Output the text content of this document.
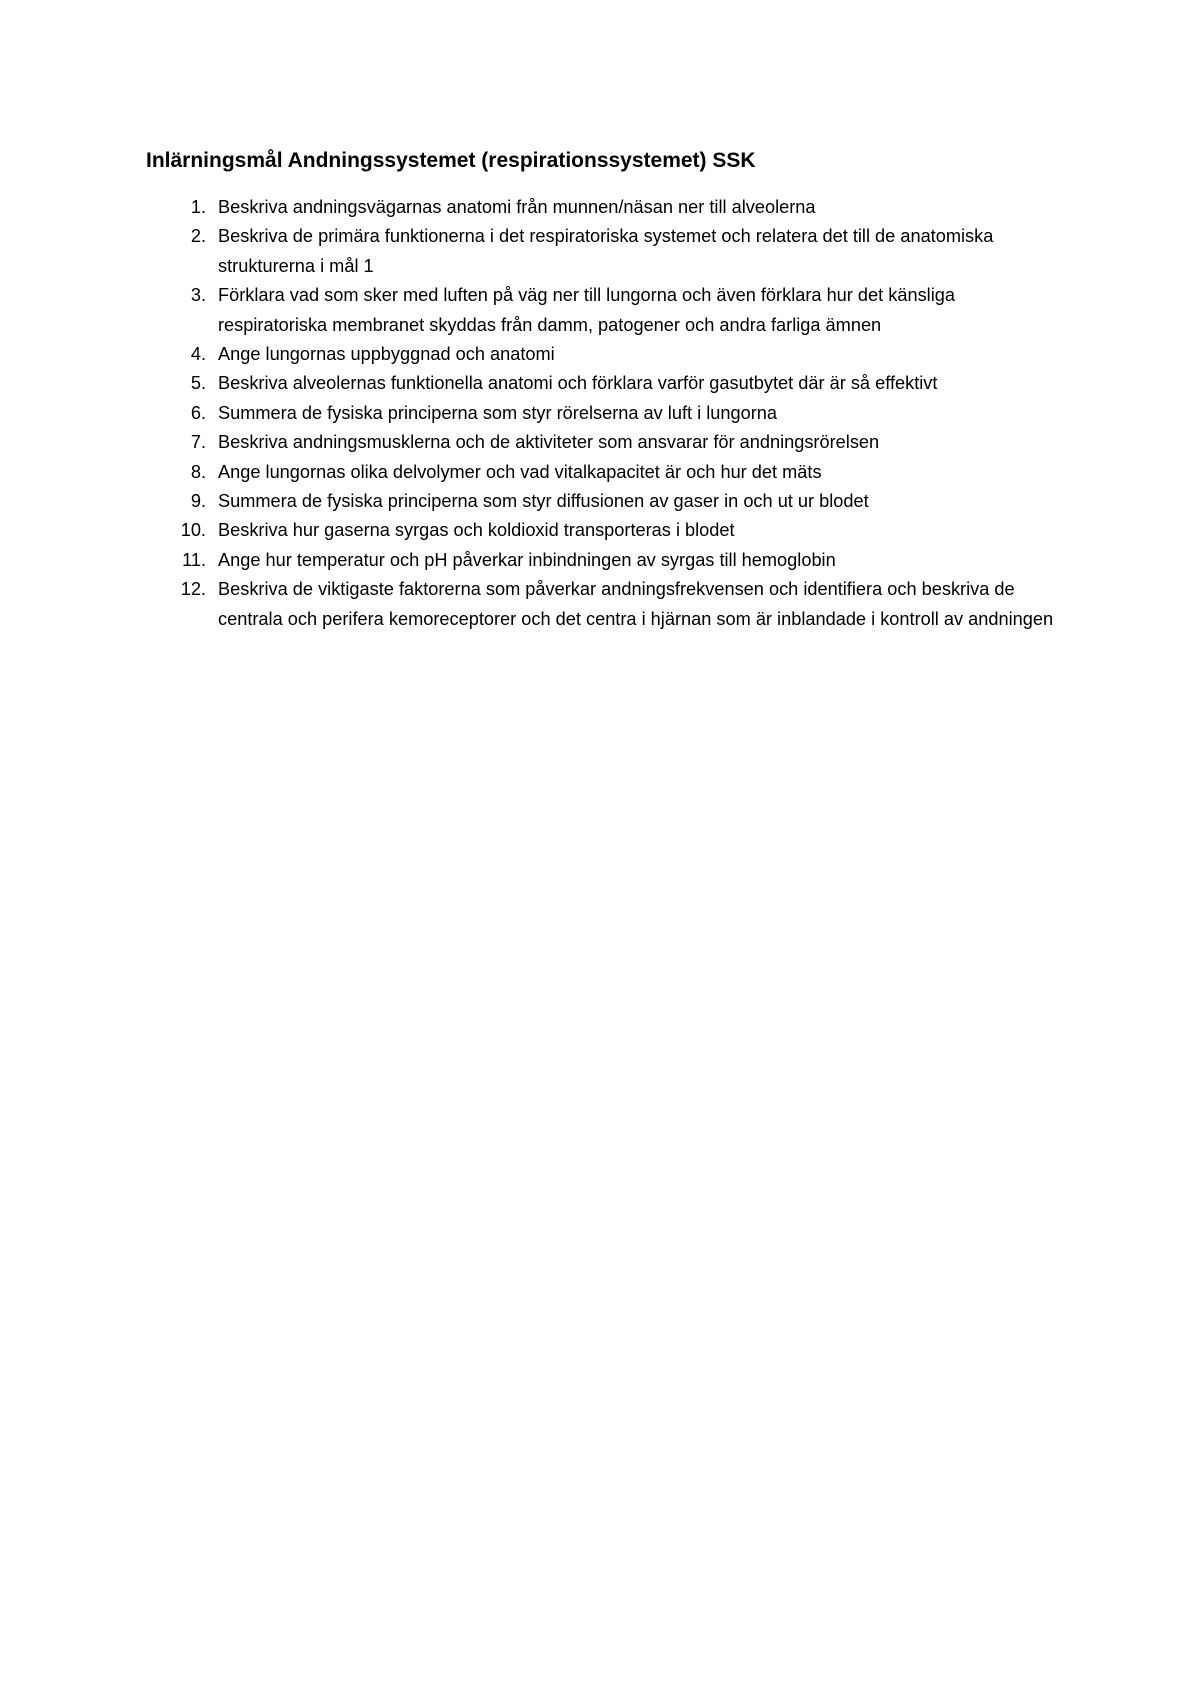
Inlärningsmål Andningssystemet (respirationssystemet) SSK
1. Beskriva andningsvägarnas anatomi från munnen/näsan ner till alveolerna
2. Beskriva de primära funktionerna i det respiratoriska systemet och relatera det till de anatomiska strukturerna i mål 1
3. Förklara vad som sker med luften på väg ner till lungorna och även förklara hur det känsliga respiratoriska membranet skyddas från damm, patogener och andra farliga ämnen
4. Ange lungornas uppbyggnad och anatomi
5. Beskriva alveolernas funktionella anatomi och förklara varför gasutbytet där är så effektivt
6. Summera de fysiska principerna som styr rörelserna av luft i lungorna
7. Beskriva andningsmusklerna och de aktiviteter som ansvarar för andningsrörelsen
8. Ange lungornas olika delvolymer och vad vitalkapacitet är och hur det mäts
9. Summera de fysiska principerna som styr diffusionen av gaser in och ut ur blodet
10. Beskriva hur gaserna syrgas och koldioxid transporteras i blodet
11. Ange hur temperatur och pH påverkar inbindningen av syrgas till hemoglobin
12. Beskriva de viktigaste faktorerna som påverkar andningsfrekvensen och identifiera och beskriva de centrala och perifera kemoreceptorer och det centra i hjärnan som är inblandade i kontroll av andningen
